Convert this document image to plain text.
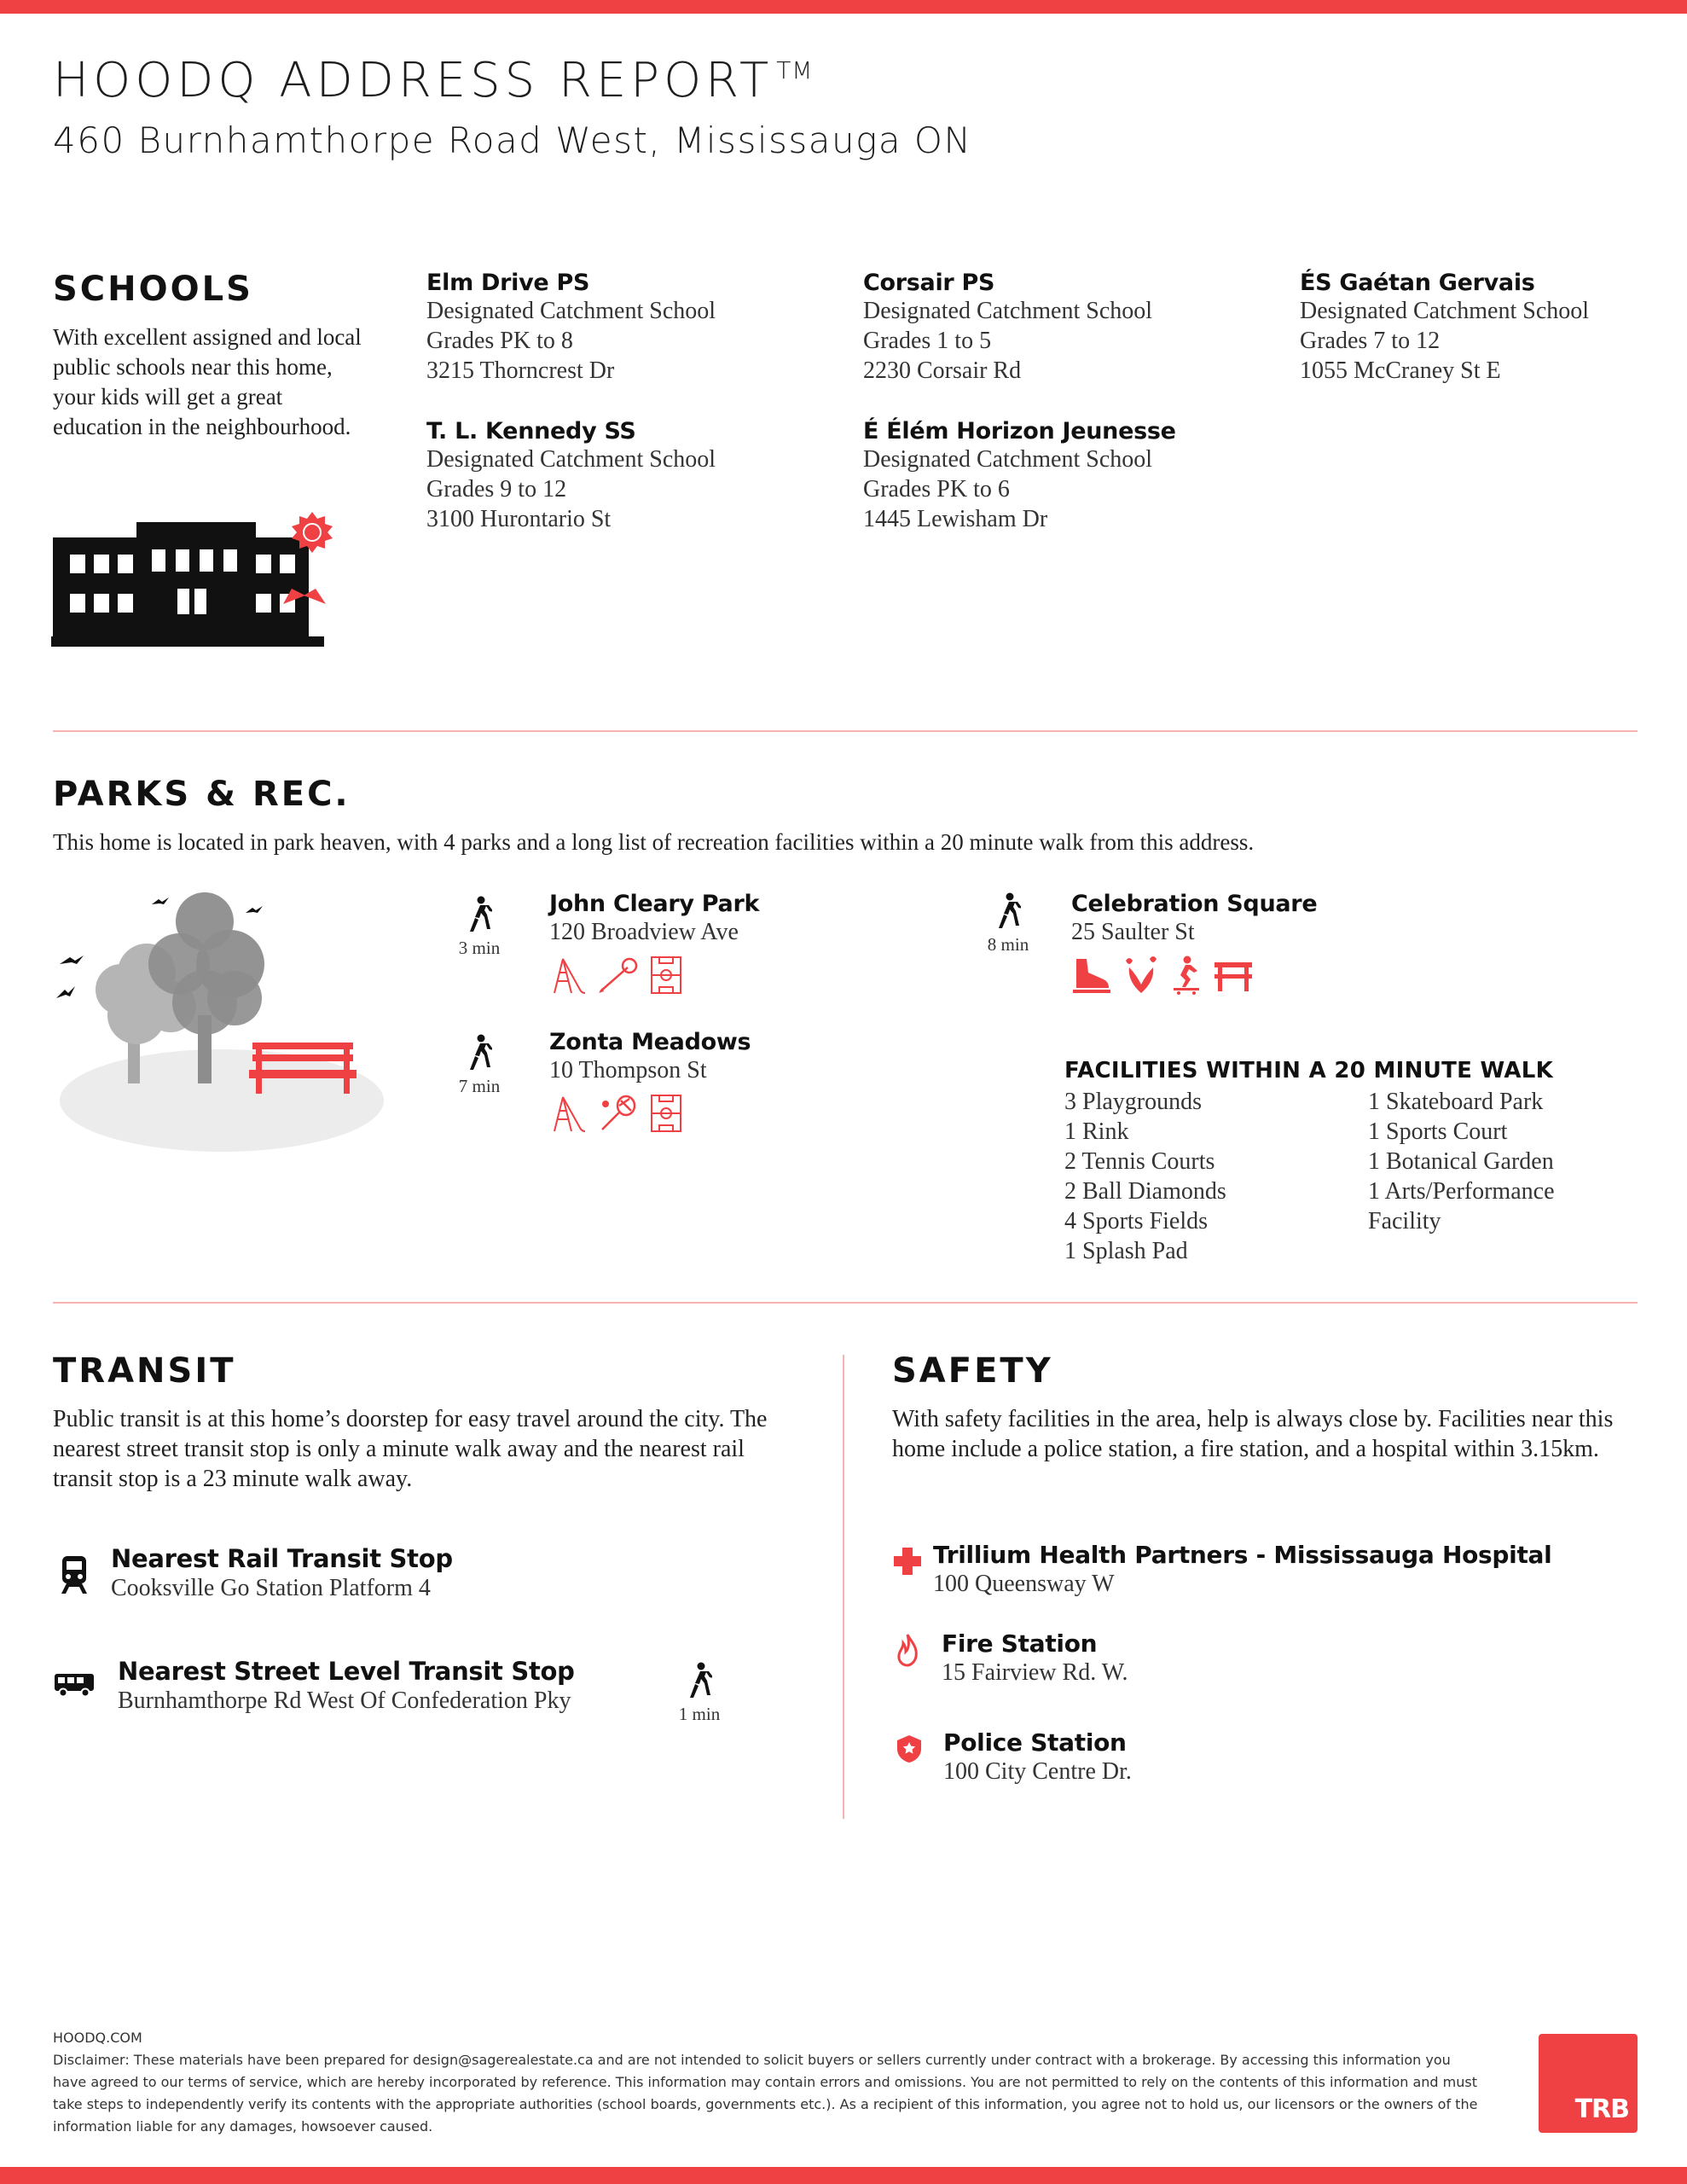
HOODQ ADDRESS REPORT ™
460 Burnhamthorpe Road West, Mississauga ON
SCHOOLS
With excellent assigned and local public schools near this home, your kids will get a great education in the neighbourhood.
Elm Drive PS
Designated Catchment School
Grades PK to 8
3215 Thorncrest Dr
Corsair PS
Designated Catchment School
Grades 1 to 5
2230 Corsair Rd
ÉS Gaétan Gervais
Designated Catchment School
Grades 7 to 12
1055 McCraney St E
T. L. Kennedy SS
Designated Catchment School
Grades 9 to 12
3100 Hurontario St
É Élém Horizon Jeunesse
Designated Catchment School
Grades PK to 6
1445 Lewisham Dr
PARKS & REC.
This home is located in park heaven, with 4 parks and a long list of recreation facilities within a 20 minute walk from this address.
3 min
7 min
8 min
John Cleary Park
120 Broadview Ave
Zonta Meadows
10 Thompson St
Celebration Square
25 Saulter St
FACILITIES WITHIN A 20 MINUTE WALK
3 Playgrounds
1 Rink
2 Tennis Courts
2 Ball Diamonds
4 Sports Fields
1 Splash Pad
1 Skateboard Park
1 Sports Court
1 Botanical Garden
1 Arts/Performance
Facility
TRANSIT
Public transit is at this home’s doorstep for easy travel around the city. The nearest street transit stop is only a minute walk away and the nearest rail transit stop is a 23 minute walk away.
Nearest Rail Transit Stop
Cooksville Go Station Platform 4
Nearest Street Level Transit Stop
Burnhamthorpe Rd West Of Confederation Pky	1 min
SAFETY
With safety facilities in the area, help is always close by. Facilities near this home include a police station, a fire station, and a hospital within 3.15km.
Trillium Health Partners - Mississauga Hospital
100 Queensway W
Fire Station
15 Fairview Rd. W.
Police Station
100 City Centre Dr.
HOODQ.COM
Disclaimer: These materials have been prepared for design@sagerealestate.ca and are not intended to solicit buyers or sellers currently under contract with a brokerage. By accessing this information you
have agreed to our terms of service, which are hereby incorporated by reference. This information may contain errors and omissions. You are not permitted to rely on the contents of this information and must
take steps to independently verify its contents with the appropriate authorities (school boards, governments etc.). As a recipient of this information, you agree not to hold us, our licensors or the owners of the
information liable for any damages, howsoever caused.
TRB
